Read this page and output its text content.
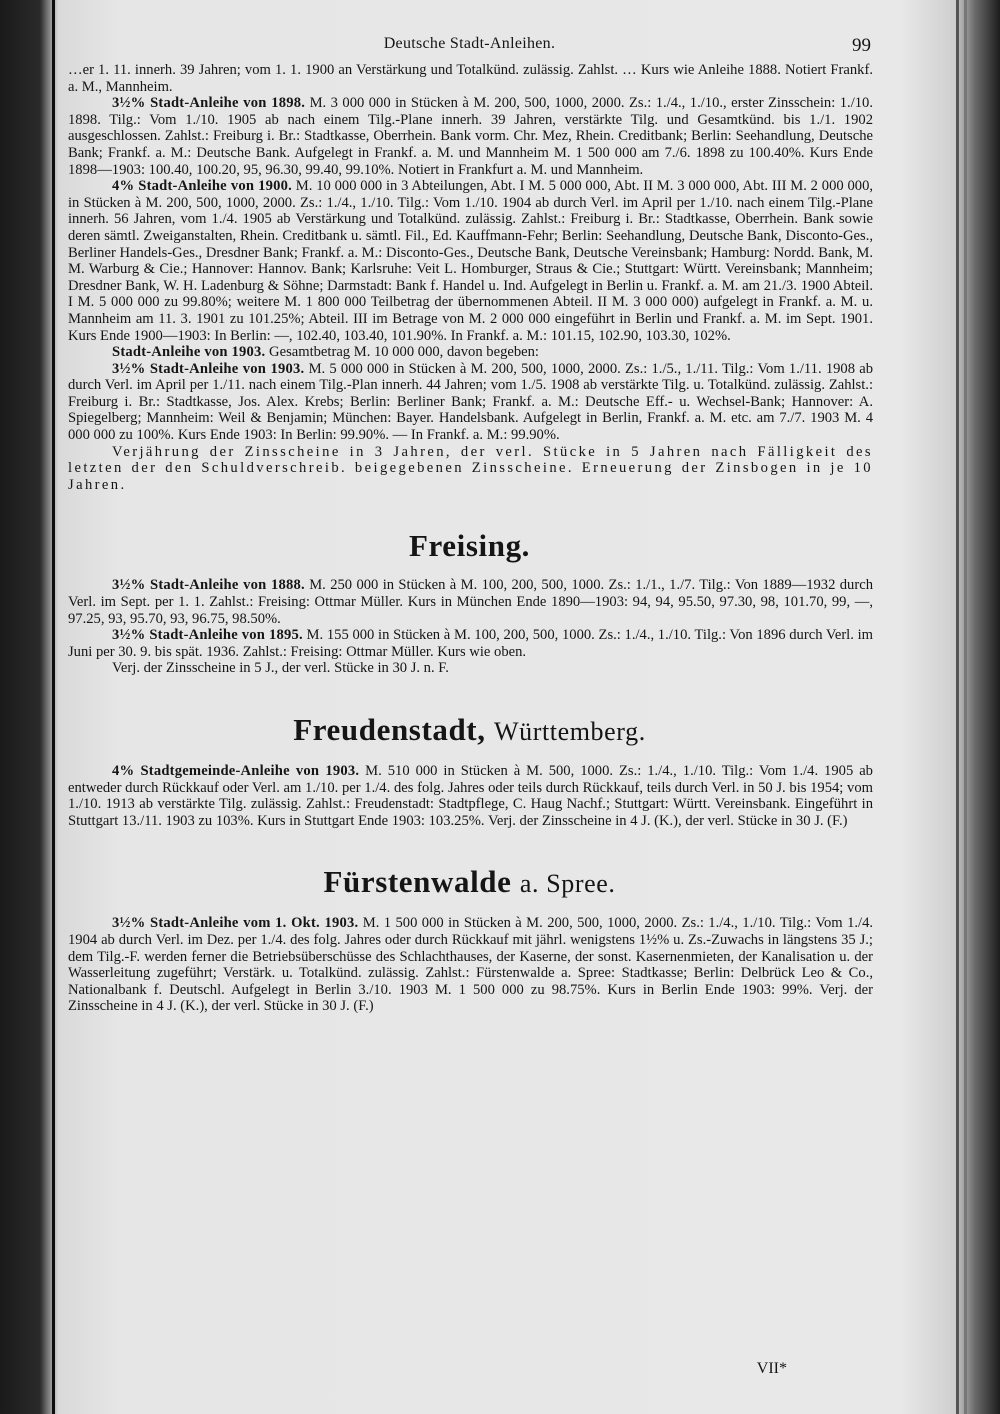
Deutsche Stadt-Anleihen.	99

…er 1. 11. innerh. 39 Jahren; vom 1. 1. 1900 an Verstärkung und Totalkünd. zulässig. Zahlst. … Kurs wie Anleihe 1888. Notiert Frankf. a. M., Mannheim.

3½% Stadt-Anleihe von 1898. M. 3 000 000 in Stücken à M. 200, 500, 1000, 2000. Zs.: 1./4., 1./10., erster Zinsschein: 1./10. 1898. Tilg.: Vom 1./10. 1905 ab nach einem Tilg.-Plane innerh. 39 Jahren, verstärkte Tilg. und Gesamtkünd. bis 1./1. 1902 ausgeschlossen. Zahlst.: Freiburg i. Br.: Stadtkasse, Oberrhein. Bank vorm. Chr. Mez, Rhein. Creditbank; Berlin: Seehandlung, Deutsche Bank; Frankf. a. M.: Deutsche Bank. Aufgelegt in Frankf. a. M. und Mannheim M. 1 500 000 am 7./6. 1898 zu 100.40%. Kurs Ende 1898—1903: 100.40, 100.20, 95, 96.30, 99.40, 99.10%. Notiert in Frankfurt a. M. und Mannheim.

4% Stadt-Anleihe von 1900. M. 10 000 000 in 3 Abteilungen, Abt. I M. 5 000 000, Abt. II M. 3 000 000, Abt. III M. 2 000 000, in Stücken à M. 200, 500, 1000, 2000. Zs.: 1./4., 1./10. Tilg.: Vom 1./10. 1904 ab durch Verl. im April per 1./10. nach einem Tilg.-Plane innerh. 56 Jahren, vom 1./4. 1905 ab Verstärkung und Totalkünd. zulässig. Zahlst.: Freiburg i. Br.: Stadtkasse, Oberrhein. Bank sowie deren sämtl. Zweiganstalten, Rhein. Creditbank u. sämtl. Fil., Ed. Kauffmann-Fehr; Berlin: Seehandlung, Deutsche Bank, Disconto-Ges., Berliner Handels-Ges., Dresdner Bank; Frankf. a. M.: Disconto-Ges., Deutsche Bank, Deutsche Vereinsbank; Hamburg: Nordd. Bank, M. M. Warburg & Cie.; Hannover: Hannov. Bank; Karlsruhe: Veit L. Homburger, Straus & Cie.; Stuttgart: Württ. Vereinsbank; Mannheim; Dresdner Bank, W. H. Ladenburg & Söhne; Darmstadt: Bank f. Handel u. Ind. Aufgelegt in Berlin u. Frankf. a. M. am 21./3. 1900 Abteil. I M. 5 000 000 zu 99.80%; weitere M. 1 800 000 Teilbetrag der übernommenen Abteil. II M. 3 000 000) aufgelegt in Frankf. a. M. u. Mannheim am 11. 3. 1901 zu 101.25%; Abteil. III im Betrage von M. 2 000 000 eingeführt in Berlin und Frankf. a. M. im Sept. 1901. Kurs Ende 1900—1903: In Berlin: —, 102.40, 103.40, 101.90%. In Frankf. a. M.: 101.15, 102.90, 103.30, 102%.

Stadt-Anleihe von 1903. Gesamtbetrag M. 10 000 000, davon begeben:

3½% Stadt-Anleihe von 1903. M. 5 000 000 in Stücken à M. 200, 500, 1000, 2000. Zs.: 1./5., 1./11. Tilg.: Vom 1./11. 1908 ab durch Verl. im April per 1./11. nach einem Tilg.-Plan innerh. 44 Jahren; vom 1./5. 1908 ab verstärkte Tilg. u. Totalkünd. zulässig. Zahlst.: Freiburg i. Br.: Stadtkasse, Jos. Alex. Krebs; Berlin: Berliner Bank; Frankf. a. M.: Deutsche Eff.- u. Wechsel-Bank; Hannover: A. Spiegelberg; Mannheim: Weil & Benjamin; München: Bayer. Handelsbank. Aufgelegt in Berlin, Frankf. a. M. etc. am 7./7. 1903 M. 4 000 000 zu 100%. Kurs Ende 1903: In Berlin: 99.90%. — In Frankf. a. M.: 99.90%.

Verjährung der Zinsscheine in 3 Jahren, der verl. Stücke in 5 Jahren nach Fälligkeit des letzten der den Schuldverschreib. beigegebenen Zinsscheine. Erneuerung der Zinsbogen in je 10 Jahren.

Freising.

3½% Stadt-Anleihe von 1888. M. 250 000 in Stücken à M. 100, 200, 500, 1000. Zs.: 1./1., 1./7. Tilg.: Von 1889—1932 durch Verl. im Sept. per 1. 1. Zahlst.: Freising: Ottmar Müller. Kurs in München Ende 1890—1903: 94, 94, 95.50, 97.30, 98, 101.70, 99, —, 97.25, 93, 95.70, 93, 96.75, 98.50%.

3½% Stadt-Anleihe von 1895. M. 155 000 in Stücken à M. 100, 200, 500, 1000. Zs.: 1./4., 1./10. Tilg.: Von 1896 durch Verl. im Juni per 30. 9. bis spät. 1936. Zahlst.: Freising: Ottmar Müller. Kurs wie oben.

Verj. der Zinsscheine in 5 J., der verl. Stücke in 30 J. n. F.

Freudenstadt, Württemberg.

4% Stadtgemeinde-Anleihe von 1903. M. 510 000 in Stücken à M. 500, 1000. Zs.: 1./4., 1./10. Tilg.: Vom 1./4. 1905 ab entweder durch Rückkauf oder Verl. am 1./10. per 1./4. des folg. Jahres oder teils durch Rückkauf, teils durch Verl. in 50 J. bis 1954; vom 1./10. 1913 ab verstärkte Tilg. zulässig. Zahlst.: Freudenstadt: Stadtpflege, C. Haug Nachf.; Stuttgart: Württ. Vereinsbank. Eingeführt in Stuttgart 13./11. 1903 zu 103%. Kurs in Stuttgart Ende 1903: 103.25%. Verj. der Zinsscheine in 4 J. (K.), der verl. Stücke in 30 J. (F.)

Fürstenwalde a. Spree.

3½% Stadt-Anleihe vom 1. Okt. 1903. M. 1 500 000 in Stücken à M. 200, 500, 1000, 2000. Zs.: 1./4., 1./10. Tilg.: Vom 1./4. 1904 ab durch Verl. im Dez. per 1./4. des folg. Jahres oder durch Rückkauf mit jährl. wenigstens 1½% u. Zs.-Zuwachs in längstens 35 J.; dem Tilg.-F. werden ferner die Betriebsüberschüsse des Schlachthauses, der Kaserne, der sonst. Kasernenmieten, der Kanalisation u. der Wasserleitung zugeführt; Verstärk. u. Totalkünd. zulässig. Zahlst.: Fürstenwalde a. Spree: Stadtkasse; Berlin: Delbrück Leo & Co., Nationalbank f. Deutschl. Aufgelegt in Berlin 3./10. 1903 M. 1 500 000 zu 98.75%. Kurs in Berlin Ende 1903: 99%. Verj. der Zinsscheine in 4 J. (K.), der verl. Stücke in 30 J. (F.)

VII*
